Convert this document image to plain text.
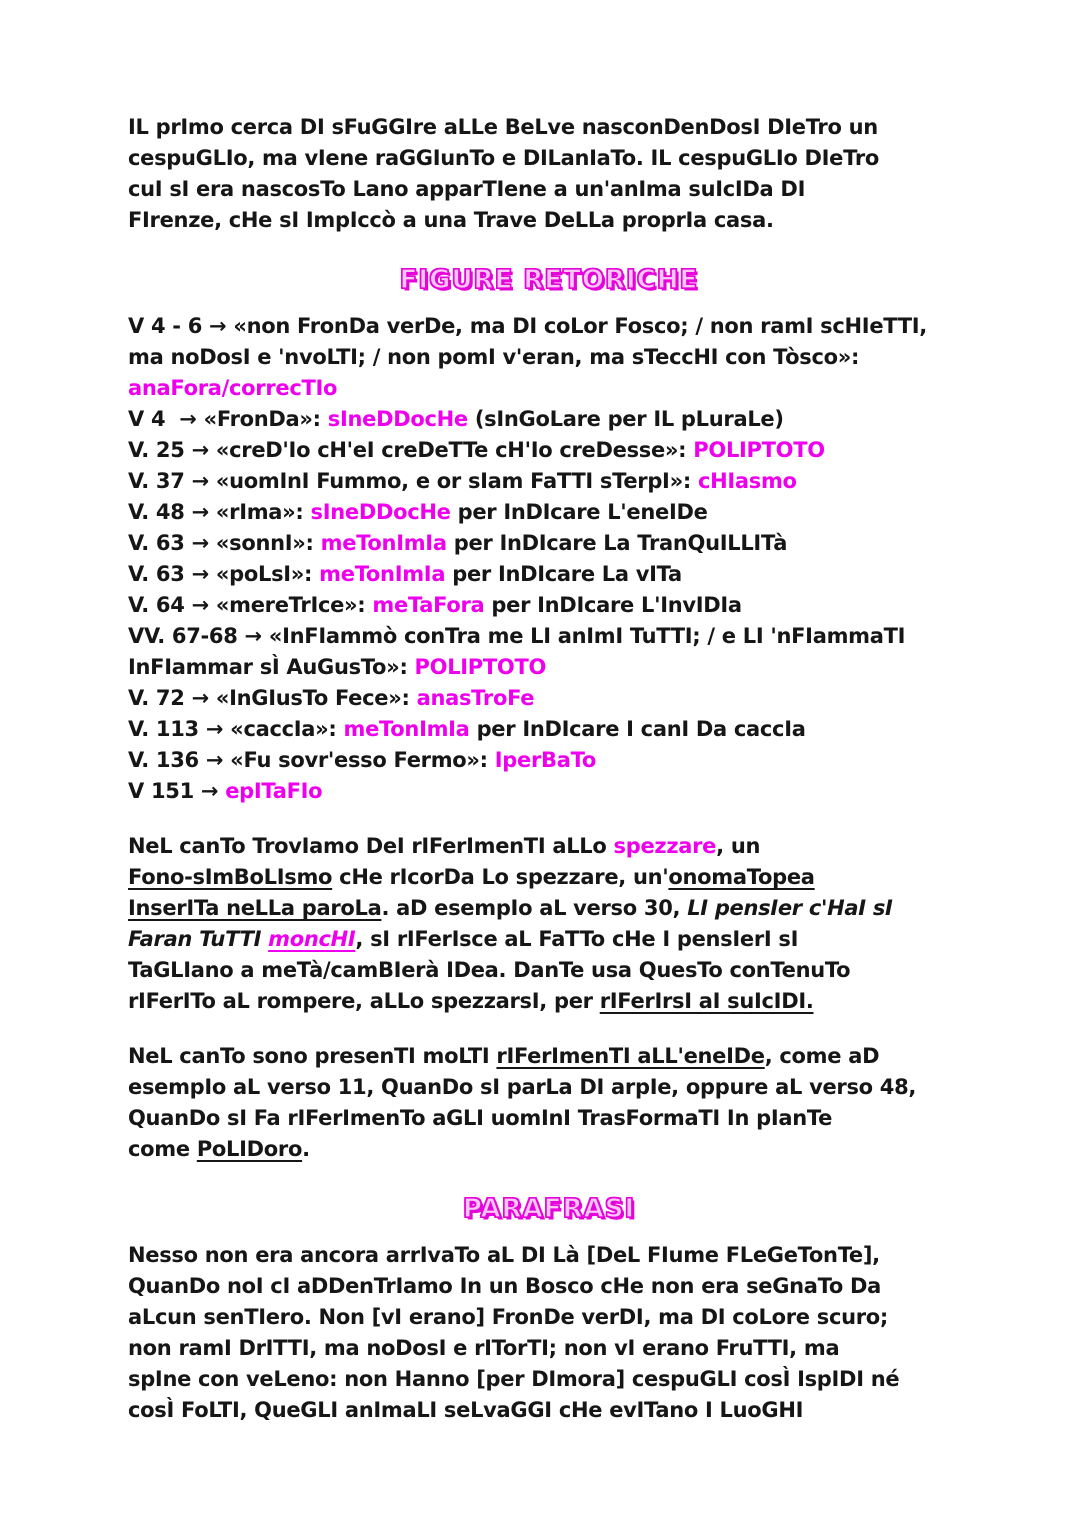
IL prImo cerca DI sFuGGIre aLLe BeLve nasconDenDosI DIeTro un
cespuGLIo, ma vIene raGGIunTo e DILanIaTo. IL cespuGLIo DIeTro
cuI sI era nascosTo Lano apparTIene a un'anIma suIcIDa DI
FIrenze, cHe sI ImpIccò a una Trave DeLLa proprIa casa.
FIGURE RETORICHE
V 4 - 6 → «non FronDa verDe, ma DI coLor Fosco; / non ramI scHIeTTI,
ma noDosI e 'nvoLTI; / non pomI v'eran, ma sTeccHI con Tòsco»:
anaFora/correcTIo
V 4  → «FronDa»: sIneDDocHe (sInGoLare per IL pLuraLe)
V. 25 → «creD'Io cH'eI creDeTTe cH'Io creDesse»: POLIPTOTO
V. 37 → «uomInI Fummo, e or sIam FaTTI sTerpI»: cHIasmo
V. 48 → «rIma»: sIneDDocHe per InDIcare L'eneIDe
V. 63 → «sonnI»: meTonImIa per InDIcare La TranQuILLITà
V. 63 → «poLsI»: meTonImIa per InDIcare La vITa
V. 64 → «mereTrIce»: meTaFora per InDIcare L'InvIDIa
VV. 67-68 → «InFIammò conTra me LI anImI TuTTI; / e LI 'nFIammaTI
InFIammar sÌ AuGusTo»: POLIPTOTO
V. 72 → «InGIusTo Fece»: anasTroFe
V. 113 → «caccIa»: meTonImIa per InDIcare I canI Da caccIa
V. 136 → «Fu sovr'esso Fermo»: IperBaTo
V 151 → epITaFIo
NeL canTo TrovIamo DeI rIFerImenTI aLLo spezzare, un
Fono-sImBoLIsmo cHe rIcorDa Lo spezzare, un'onomaTopea
InserITa neLLa paroLa. aD esempIo aL verso 30, LI pensIer c'HaI sI
Faran TuTTI moncHI, sI rIFerIsce aL FaTTo cHe I pensIerI sI
TaGLIano a meTà/camBIerà IDea. DanTe usa QuesTo conTenuTo
rIFerITo aL rompere, aLLo spezzarsI, per rIFerIrsI aI suIcIDI.
NeL canTo sono presenTI moLTI rIFerImenTI aLL'eneIDe, come aD
esempIo aL verso 11, QuanDo sI parLa DI arpIe, oppure aL verso 48,
QuanDo sI Fa rIFerImenTo aGLI uomInI TrasFormaTI In pIanTe
come PoLIDoro.
PARAFRASI
Nesso non era ancora arrIvaTo aL DI Là [DeL FIume FLeGeTonTe],
QuanDo noI cI aDDenTrIamo In un Bosco cHe non era seGnaTo Da
aLcun senTIero. Non [vI erano] FronDe verDI, ma DI coLore scuro;
non ramI DrITTI, ma noDosI e rITorTI; non vI erano FruTTI, ma
spIne con veLeno: non Hanno [per DImora] cespuGLI cosÌ IspIDI né
cosÌ FoLTI, QueGLI anImaLI seLvaGGI cHe evITano I LuoGHI
